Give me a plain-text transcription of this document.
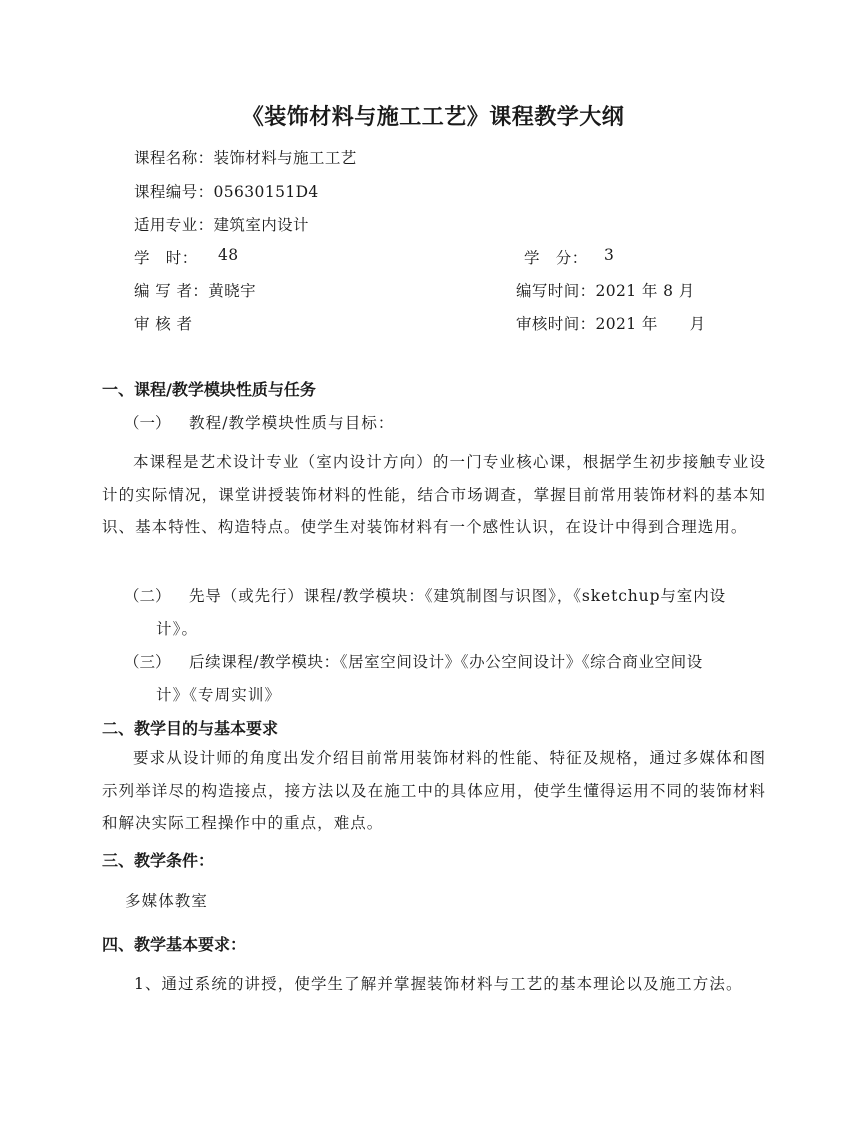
《装饰材料与施工工艺》课程教学大纲
课程名称：装饰材料与施工工艺
课程编号：05630151D4
适用专业：建筑室内设计
学　时： 48	学　分： 3
编 写 者：黄晓宇	编写时间：2021 年 8 月
审 核 者	审核时间：2021 年　　月
一、课程/教学模块性质与任务
（一） 教程/教学模块性质与目标：
本课程是艺术设计专业（室内设计方向）的一门专业核心课，根据学生初步接触专业设计的实际情况，课堂讲授装饰材料的性能，结合市场调查，掌握目前常用装饰材料的基本知识、基本特性、构造特点。使学生对装饰材料有一个感性认识，在设计中得到合理选用。
（二） 先导（或先行）课程/教学模块：《建筑制图与识图》，《sketchup与室内设
计》。
（三） 后续课程/教学模块：《居室空间设计》《办公空间设计》《综合商业空间设
计》《专周实训》
二、教学目的与基本要求
要求从设计师的角度出发介绍目前常用装饰材料的性能、特征及规格，通过多媒体和图示列举详尽的构造接点，接方法以及在施工中的具体应用，使学生懂得运用不同的装饰材料和解决实际工程操作中的重点，难点。
三、教学条件：
多媒体教室
四、教学基本要求：
1、通过系统的讲授，使学生了解并掌握装饰材料与工艺的基本理论以及施工方法。
